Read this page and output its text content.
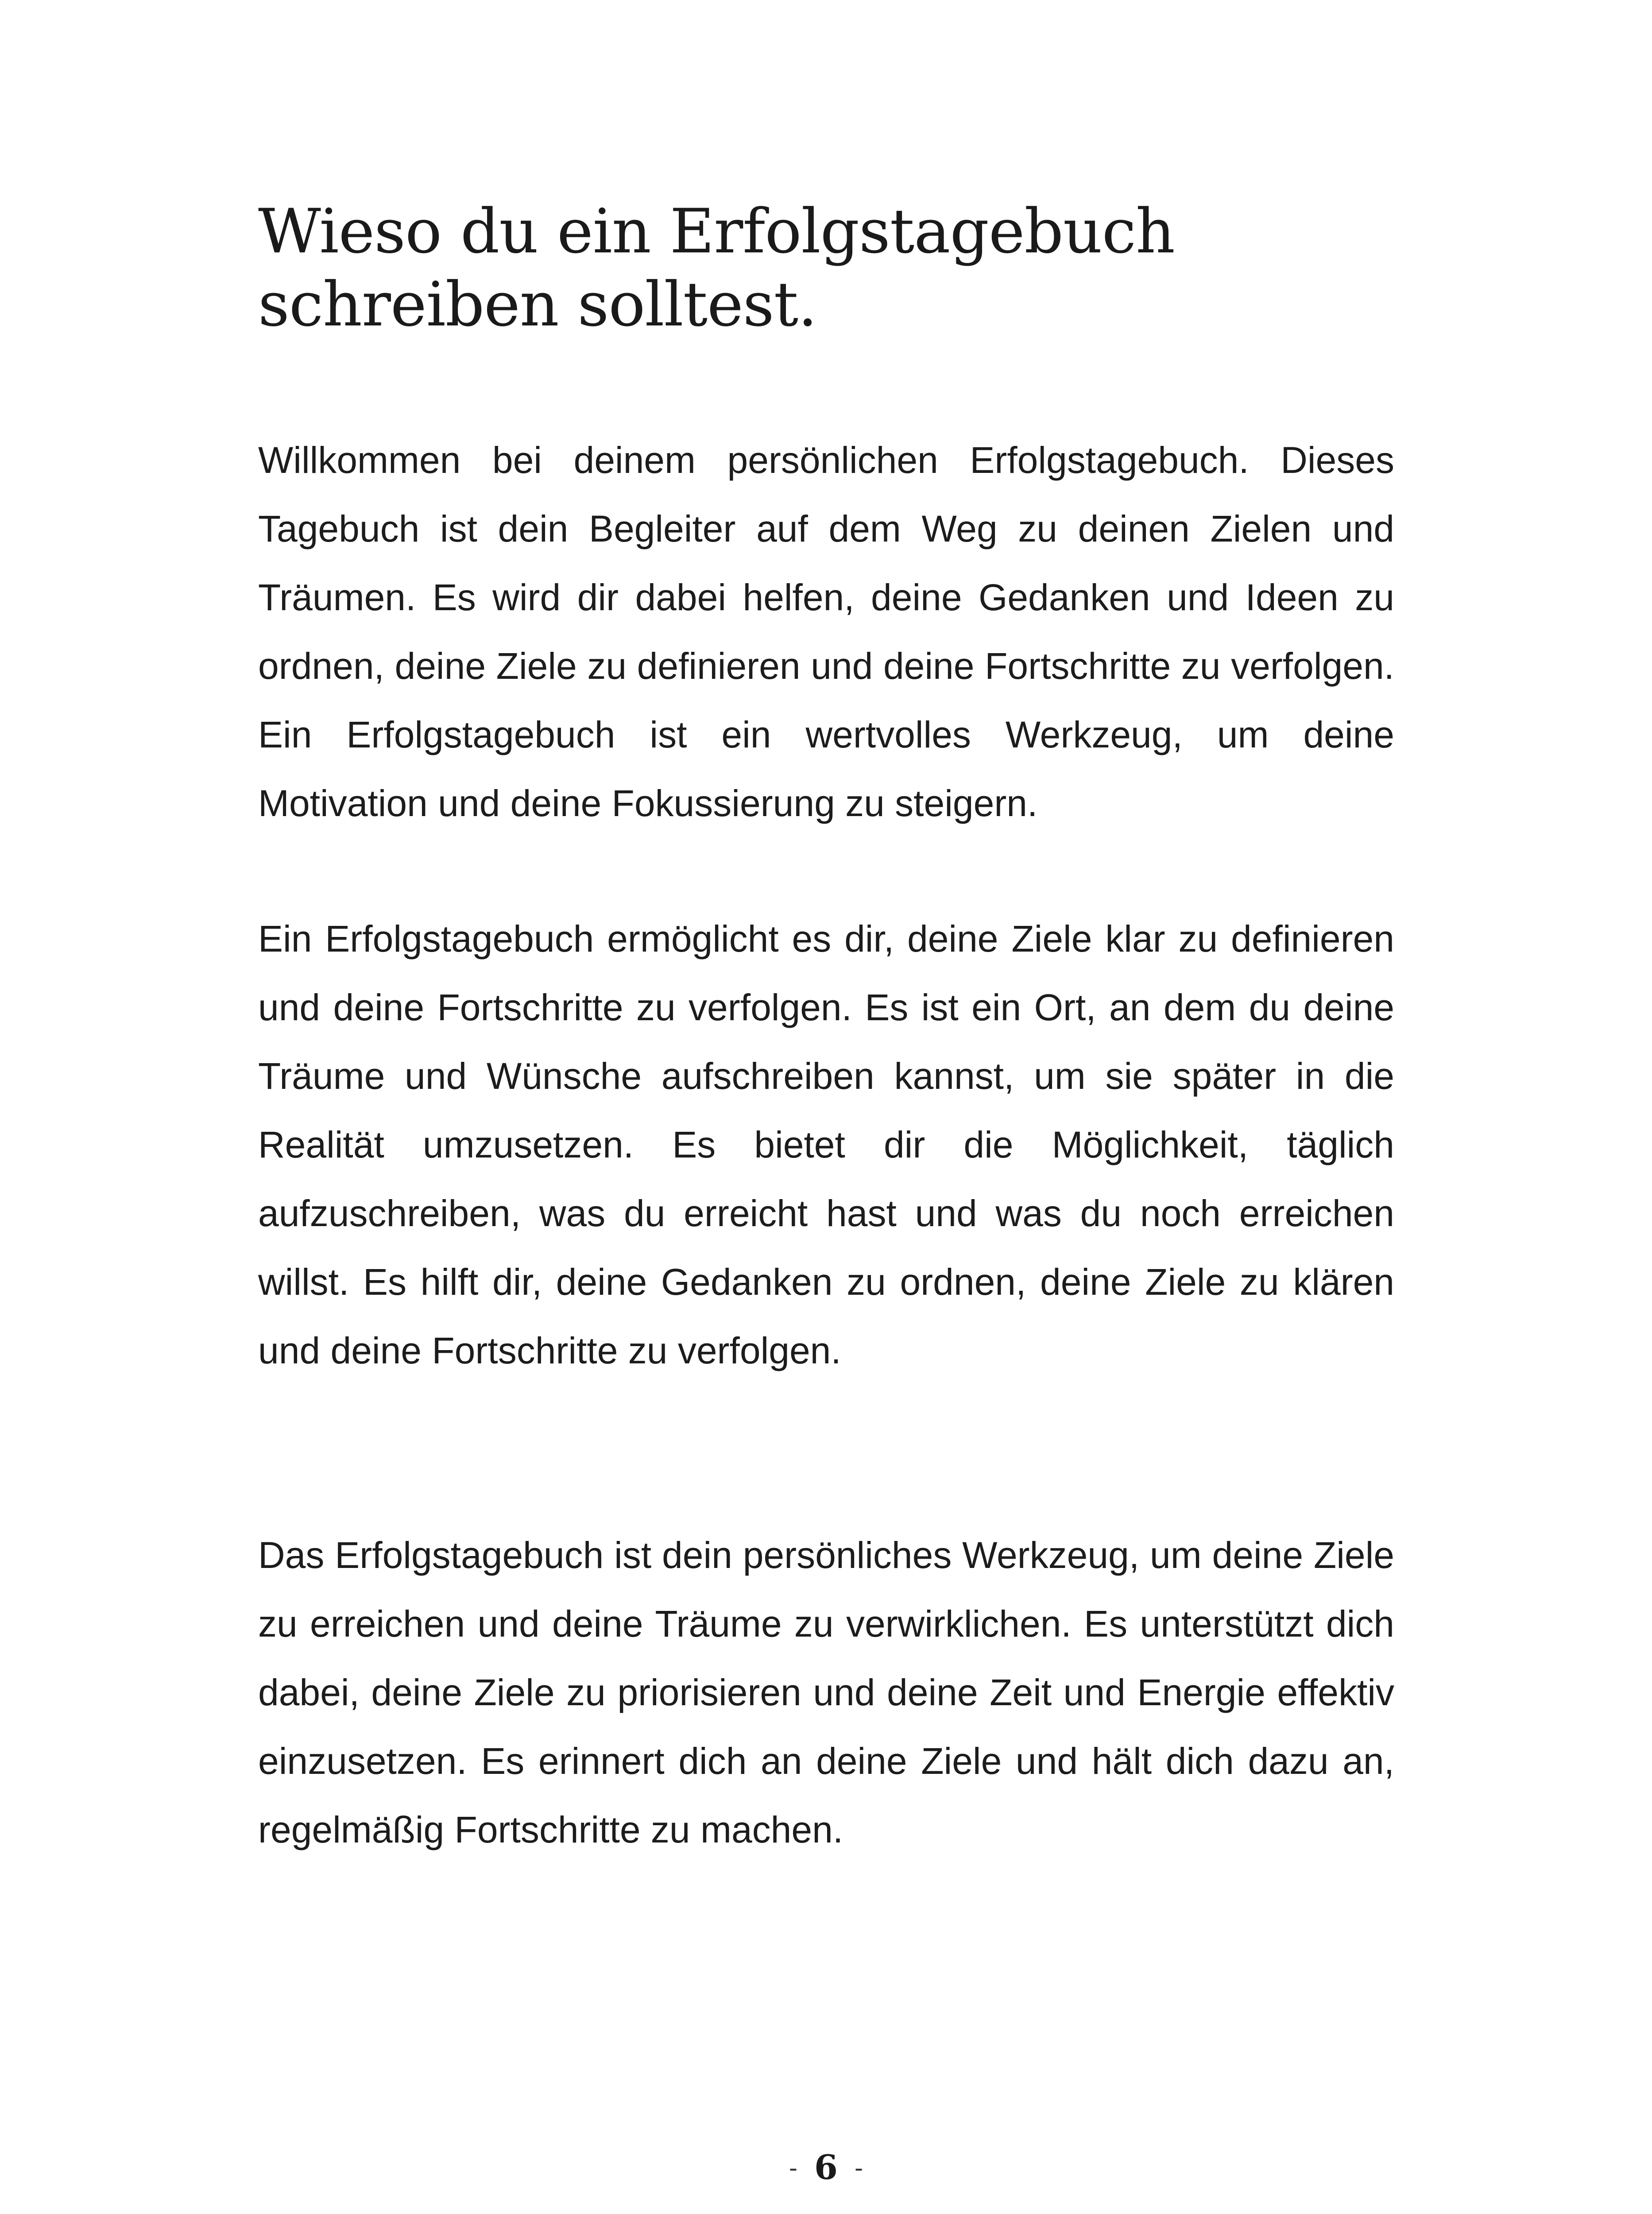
Wieso du ein Erfolgstagebuch
schreiben solltest.

Willkommen bei deinem persönlichen Erfolgstagebuch. Dieses Tagebuch ist dein Begleiter auf dem Weg zu deinen Zielen und Träumen. Es wird dir dabei helfen, deine Gedanken und Ideen zu ordnen, deine Ziele zu definieren und deine Fortschritte zu verfolgen. Ein Erfolgstagebuch ist ein wertvolles Werkzeug, um deine Motivation und deine Fokussierung zu steigern.

Ein Erfolgstagebuch ermöglicht es dir, deine Ziele klar zu definieren und deine Fortschritte zu verfolgen. Es ist ein Ort, an dem du deine Träume und Wünsche aufschreiben kannst, um sie später in die Realität umzusetzen. Es bietet dir die Möglichkeit, täglich aufzuschreiben, was du erreicht hast und was du noch erreichen willst. Es hilft dir, deine Gedanken zu ordnen, deine Ziele zu klären und deine Fortschritte zu verfolgen.

Das Erfolgstagebuch ist dein persönliches Werkzeug, um deine Ziele zu erreichen und deine Träume zu verwirklichen. Es unterstützt dich dabei, deine Ziele zu priorisieren und deine Zeit und Energie effektiv einzusetzen. Es erinnert dich an deine Ziele und hält dich dazu an, regelmäßig Fortschritte zu machen.

- 6 -
